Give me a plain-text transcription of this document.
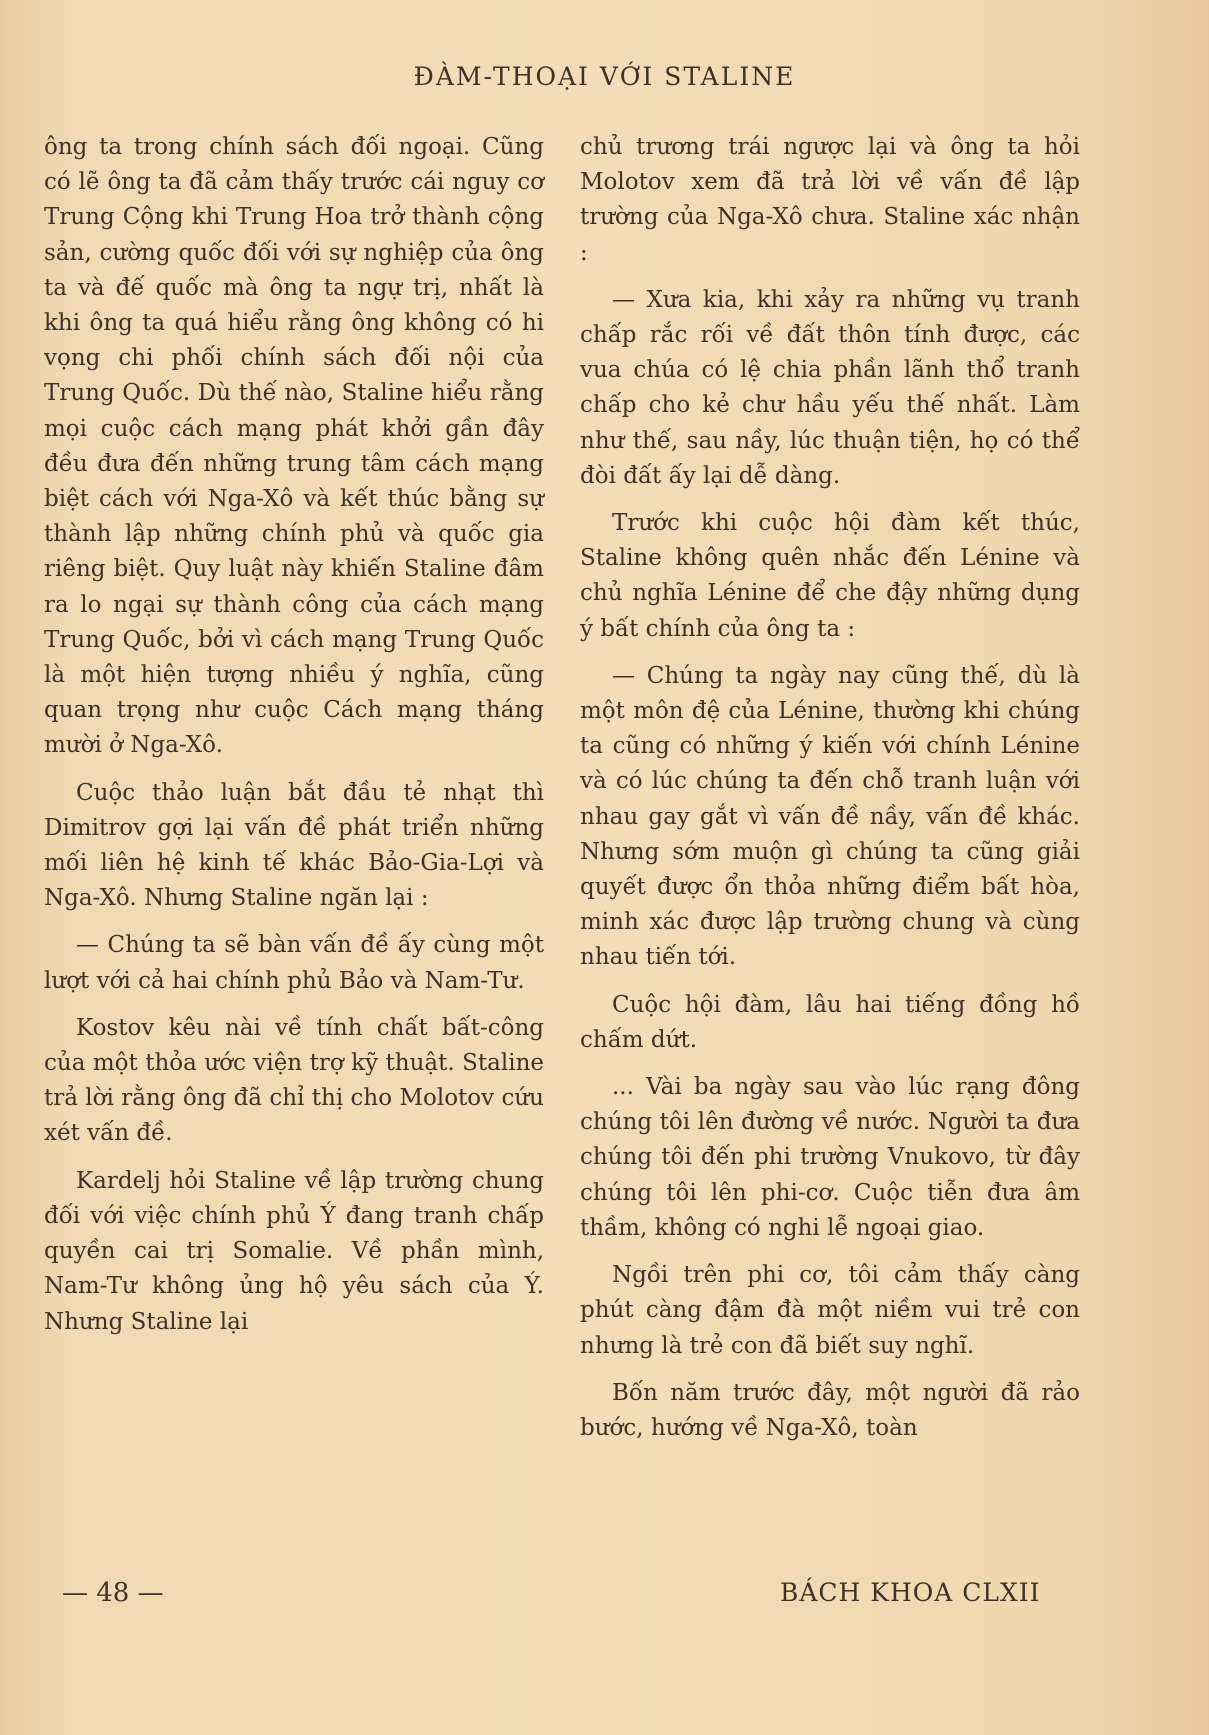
ĐÀM-THOẠI VỚI STALINE

ông ta trong chính sách đối ngoại. Cũng có lẽ ông ta đã cảm thấy trước cái nguy cơ Trung Cộng khi Trung Hoa trở thành cộng sản, cường quốc đối với sự nghiệp của ông ta và đế quốc mà ông ta ngự trị, nhất là khi ông ta quá hiểu rằng ông không có hi vọng chi phối chính sách đối nội của Trung Quốc. Dù thế nào, Staline hiểu rằng mọi cuộc cách mạng phát khởi gần đây đều đưa đến những trung tâm cách mạng biệt cách với Nga-Xô và kết thúc bằng sự thành lập những chính phủ và quốc gia riêng biệt. Quy luật này khiến Staline đâm ra lo ngại sự thành công của cách mạng Trung Quốc, bởi vì cách mạng Trung Quốc là một hiện tượng nhiều ý nghĩa, cũng quan trọng như cuộc Cách mạng tháng mười ở Nga-Xô.

Cuộc thảo luận bắt đầu tẻ nhạt thì Dimitrov gợi lại vấn đề phát triển những mối liên hệ kinh tế khác Bảo-Gia-Lợi và Nga-Xô. Nhưng Staline ngăn lại :

— Chúng ta sẽ bàn vấn đề ấy cùng một lượt với cả hai chính phủ Bảo và Nam-Tư.

Kostov kêu nài về tính chất bất-công của một thỏa ước viện trợ kỹ thuật. Staline trả lời rằng ông đã chỉ thị cho Molotov cứu xét vấn đề.

Kardelj hỏi Staline về lập trường chung đối với việc chính phủ Ý đang tranh chấp quyền cai trị Somalie. Về phần mình, Nam-Tư không ủng hộ yêu sách của Ý. Nhưng Staline lại

chủ trương trái ngược lại và ông ta hỏi Molotov xem đã trả lời về vấn đề lập trường của Nga-Xô chưa. Staline xác nhận :

— Xưa kia, khi xảy ra những vụ tranh chấp rắc rối về đất thôn tính được, các vua chúa có lệ chia phần lãnh thổ tranh chấp cho kẻ chư hầu yếu thế nhất. Làm như thế, sau nầy, lúc thuận tiện, họ có thể đòi đất ấy lại dễ dàng.

Trước khi cuộc hội đàm kết thúc, Staline không quên nhắc đến Lénine và chủ nghĩa Lénine để che đậy những dụng ý bất chính của ông ta :

— Chúng ta ngày nay cũng thế, dù là một môn đệ của Lénine, thường khi chúng ta cũng có những ý kiến với chính Lénine và có lúc chúng ta đến chỗ tranh luận với nhau gay gắt vì vấn đề nầy, vấn đề khác. Nhưng sớm muộn gì chúng ta cũng giải quyết được ổn thỏa những điểm bất hòa, minh xác được lập trường chung và cùng nhau tiến tới.

Cuộc hội đàm, lâu hai tiếng đồng hồ chấm dứt.

... Vài ba ngày sau vào lúc rạng đông chúng tôi lên đường về nước. Người ta đưa chúng tôi đến phi trường Vnukovo, từ đây chúng tôi lên phi-cơ. Cuộc tiễn đưa âm thầm, không có nghi lễ ngoại giao.

Ngồi trên phi cơ, tôi cảm thấy càng phút càng đậm đà một niềm vui trẻ con nhưng là trẻ con đã biết suy nghĩ.

Bốn năm trước đây, một người đã rảo bước, hướng về Nga-Xô, toàn

— 48 —	BÁCH KHOA CLXII
